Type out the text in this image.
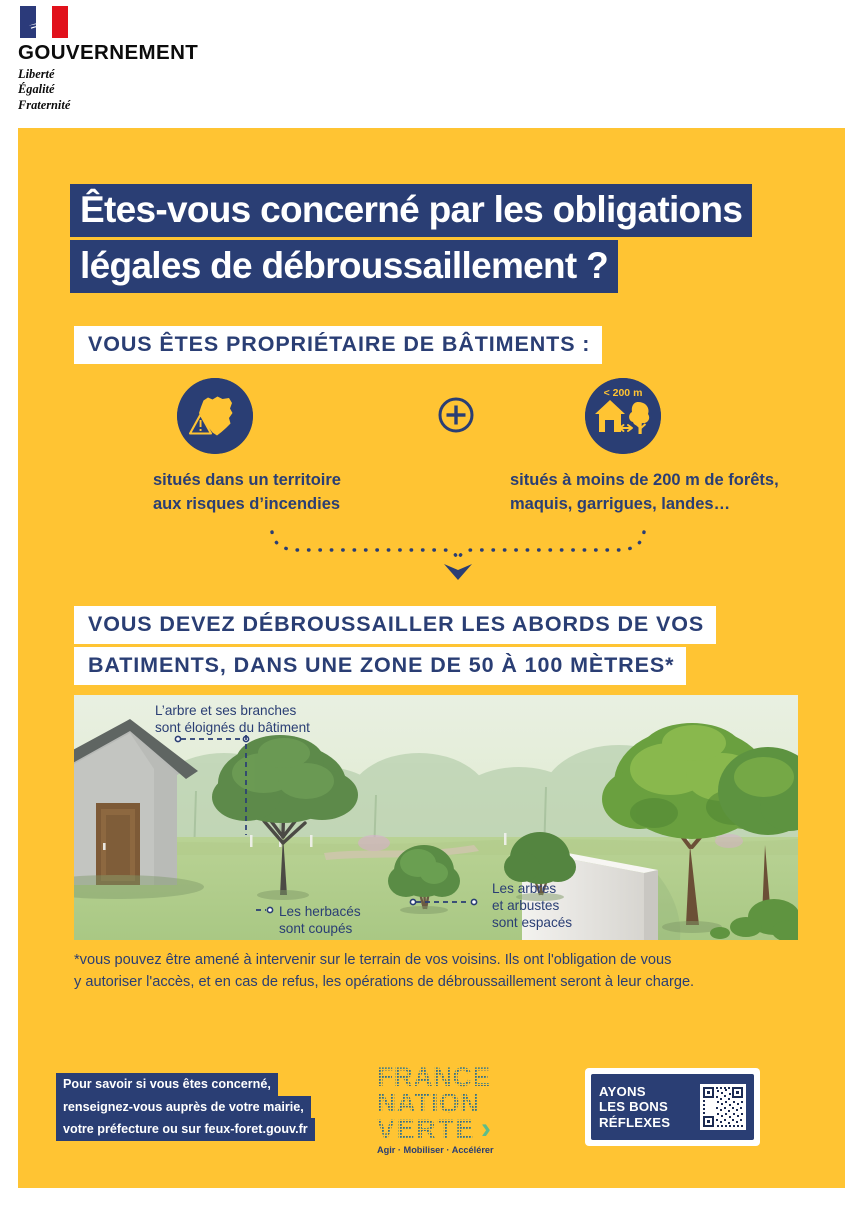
GOUVERNEMENT
Liberté
Égalité
Fraternité
Êtes-vous concerné par les obligations
légales de débroussaillement ?
VOUS ÊTES PROPRIÉTAIRE DE BÂTIMENTS :
situés dans un territoire
aux risques d’incendies
< 200 m
situés à moins de 200 m de forêts,
maquis, garrigues, landes…
VOUS DEVEZ DÉBROUSSAILLER LES ABORDS DE VOS
BATIMENTS, DANS UNE ZONE DE 50 À 100 MÈTRES*
L’arbre et ses branches
sont éloignés du bâtiment
Les herbacés
sont coupés
Les arbres
et arbustes
sont espacés
*vous pouvez être amené à intervenir sur le terrain de vos voisins. Ils ont l'obligation de vous
y autoriser l'accès, et en cas de refus, les opérations de débroussaillement seront à leur charge.
Pour savoir si vous êtes concerné,
renseignez-vous auprès de votre mairie,
votre préfecture ou sur feux-foret.gouv.fr
FRANCE
NATION
VERTE ›
Agir · Mobiliser · Accélérer
AYONS
LES BONS
RÉFLEXES
